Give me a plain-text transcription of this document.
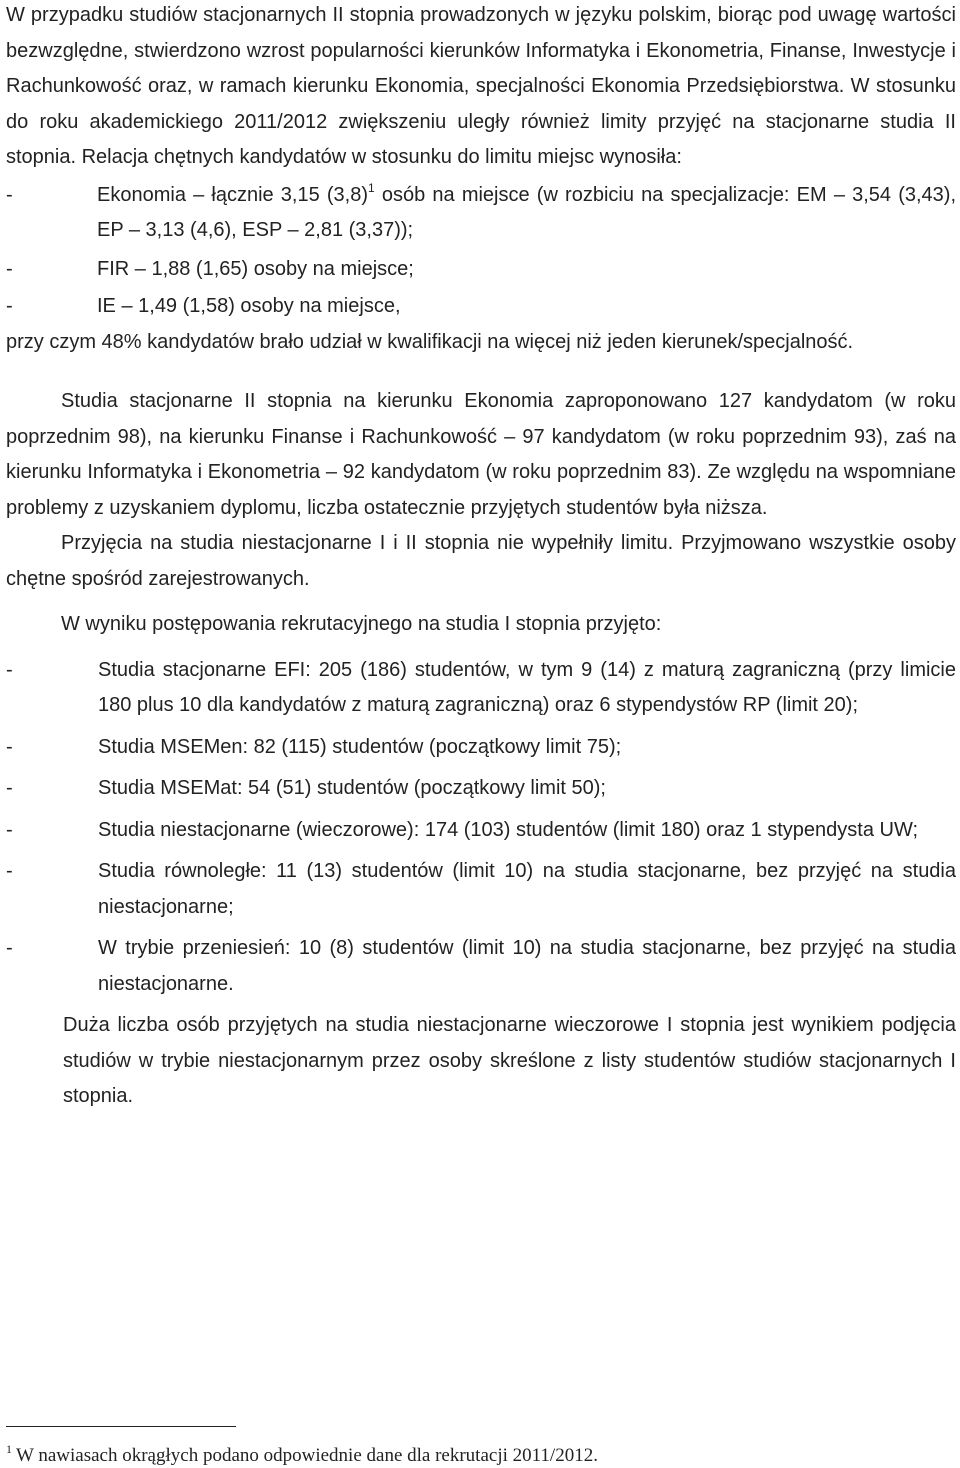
W przypadku studiów stacjonarnych II stopnia prowadzonych w języku polskim, biorąc pod uwagę wartości bezwzględne, stwierdzono wzrost popularności kierunków Informatyka i Ekonometria, Finanse, Inwestycje i Rachunkowość oraz, w ramach kierunku Ekonomia, specjalności Ekonomia Przedsiębiorstwa. W stosunku do roku akademickiego 2011/2012 zwiększeniu uległy również limity przyjęć na stacjonarne studia II stopnia. Relacja chętnych kandydatów w stosunku do limitu miejsc wynosiła:

-	Ekonomia – łącznie 3,15 $(3,8)^1$ osób na miejsce (w rozbiciu na specjalizacje: EM – 3,54 (3,43), EP – 3,13 (4,6), ESP – 2,81 (3,37));
-	FIR – 1,88 (1,65) osoby na miejsce;
-	IE – 1,49 (1,58) osoby na miejsce,

przy czym 48% kandydatów brało udział w kwalifikacji na więcej niż jeden kierunek/specjalność.

Studia stacjonarne II stopnia na kierunku Ekonomia zaproponowano 127 kandydatom (w roku poprzednim 98), na kierunku Finanse i Rachunkowość – 97 kandydatom (w roku poprzednim 93), zaś na kierunku Informatyka i Ekonometria – 92 kandydatom (w roku poprzednim 83). Ze względu na wspomniane problemy z uzyskaniem dyplomu, liczba ostatecznie przyjętych studentów była niższa.

Przyjęcia na studia niestacjonarne I i II stopnia nie wypełniły limitu. Przyjmowano wszystkie osoby chętne spośród zarejestrowanych.

W wyniku postępowania rekrutacyjnego na studia I stopnia przyjęto:

-	Studia stacjonarne EFI: 205 (186) studentów, w tym 9 (14) z maturą zagraniczną (przy limicie 180 plus 10 dla kandydatów z maturą zagraniczną) oraz 6 stypendystów RP (limit 20);
-	Studia MSEMen: 82 (115) studentów (początkowy limit 75);
-	Studia MSEMat: 54 (51) studentów (początkowy limit 50);
-	Studia niestacjonarne (wieczorowe): 174 (103) studentów (limit 180) oraz 1 stypendysta UW;
-	Studia równoległe: 11 (13) studentów (limit 10) na studia stacjonarne, bez przyjęć na studia niestacjonarne;
-	W trybie przeniesień: 10 (8) studentów (limit 10) na studia stacjonarne, bez przyjęć na studia niestacjonarne.

Duża liczba osób przyjętych na studia niestacjonarne wieczorowe I stopnia jest wynikiem podjęcia studiów w trybie niestacjonarnym przez osoby skreślone z listy studentów studiów stacjonarnych I stopnia.

$^1$ W nawiasach okrągłych podano odpowiednie dane dla rekrutacji 2011/2012.
